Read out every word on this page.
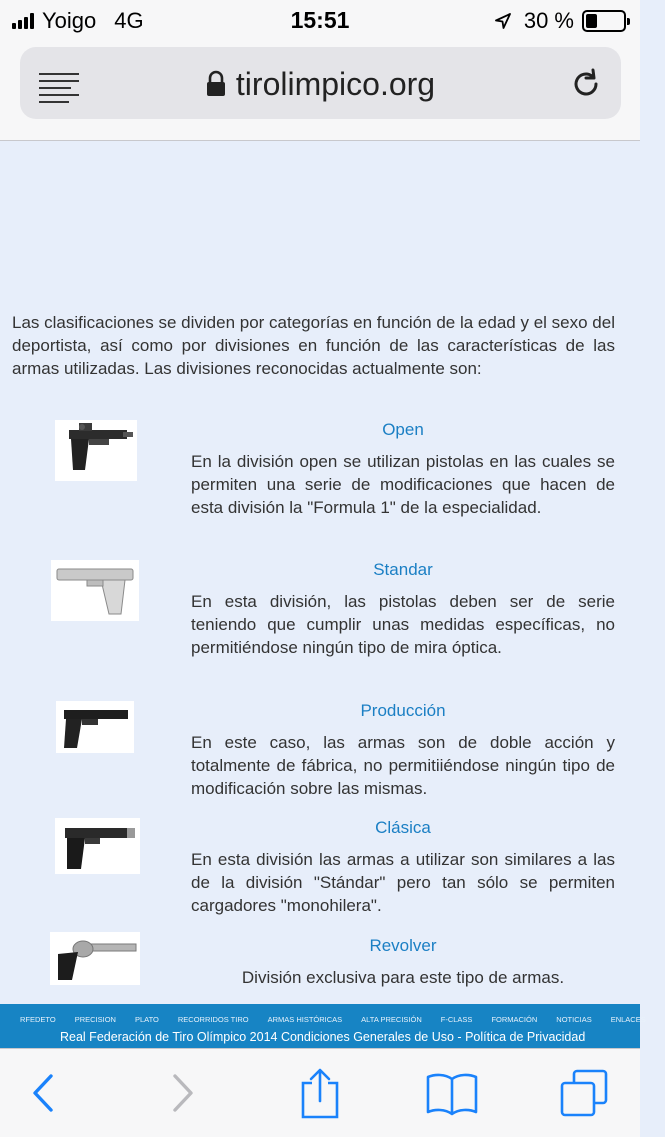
Yoigo 4G	15:51	30 %
tirolimpico.org

Las clasificaciones se dividen por categorías en función de la edad y el sexo del deportista, así como por divisiones en función de las características de las armas utilizadas. Las divisiones reconocidas actualmente son:

Open
En la división open se utilizan pistolas en las cuales se permiten una serie de modificaciones que hacen de esta división la "Formula 1" de la especialidad.
Standar
En esta división, las pistolas deben ser de serie teniendo que cumplir unas medidas específicas, no permitiéndose ningún tipo de mira óptica.
Producción
En este caso, las armas son de doble acción y totalmente de fábrica, no permitiiéndose ningún tipo de modificación sobre las mismas.
Clásica
En esta división las armas a utilizar son similares a las de la división "Stándar" pero tan sólo se permiten cargadores "monohilera".
Revolver
División exclusiva para este tipo de armas.
RFEDETO	PRECISION	PLATO	RECORRIDOS TIRO	ARMAS HISTÓRICAS	ALTA PRECISIÓN	F-CLASS	FORMACIÓN	NOTICIAS	ENLACES
Real Federación de Tiro Olímpico 2014 Condiciones Generales de Uso - Política de Privacidad
